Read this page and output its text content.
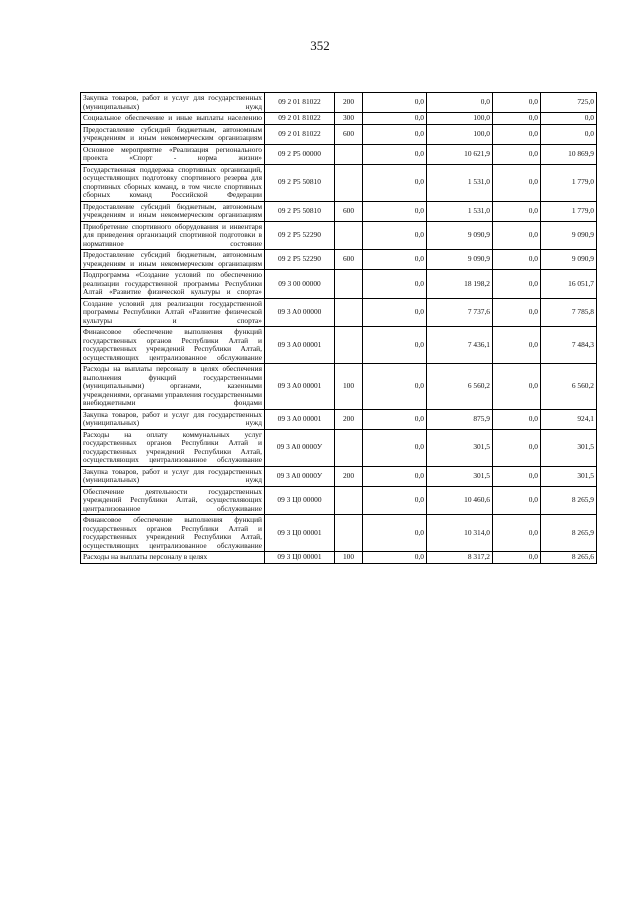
352
Закупка товаров, работ и услуг для государственных (муниципальных) нужд	09 2 01 81022	200	0,0	0,0	0,0	725,0
Социальное обеспечение и иные выплаты населению	09 2 01 81022	300	0,0	100,0	0,0	0,0
Предоставление субсидий бюджетным, автономным учреждениям и иным некоммерческим организациям	09 2 01 81022	600	0,0	100,0	0,0	0,0
Основное мероприятие «Реализация регионального проекта «Спорт - норма жизни»	09 2 P5 00000		0,0	10 621,9	0,0	10 869,9
Государственная поддержка спортивных организаций, осуществляющих подготовку спортивного резерва для спортивных сборных команд, в том числе спортивных сборных команд Российской Федерации	09 2 P5 50810		0,0	1 531,0	0,0	1 779,0
Предоставление субсидий бюджетным, автономным учреждениям и иным некоммерческим организациям	09 2 P5 50810	600	0,0	1 531,0	0,0	1 779,0
Приобретение спортивного оборудования и инвентаря для приведения организаций спортивной подготовки в нормативное состояние	09 2 P5 52290		0,0	9 090,9	0,0	9 090,9
Предоставление субсидий бюджетным, автономным учреждениям и иным некоммерческим организациям	09 2 P5 52290	600	0,0	9 090,9	0,0	9 090,9
Подпрограмма «Создание условий по обеспечению реализации государственной программы Республики Алтай «Развитие физической культуры и спорта»	09 3 00 00000		0,0	18 198,2	0,0	16 051,7
Создание условий для реализации государственной программы Республики Алтай «Развитие физической культуры и спорта»	09 3 A0 00000		0,0	7 737,6	0,0	7 785,8
Финансовое обеспечение выполнения функций государственных органов Республики Алтай и государственных учреждений Республики Алтай, осуществляющих централизованное обслуживание	09 3 A0 00001		0,0	7 436,1	0,0	7 484,3
Расходы на выплаты персоналу в целях обеспечения выполнения функций государственными (муниципальными) органами, казенными учреждениями, органами управления государственными внебюджетными фондами	09 3 A0 00001	100	0,0	6 560,2	0,0	6 560,2
Закупка товаров, работ и услуг для государственных (муниципальных) нужд	09 3 A0 00001	200	0,0	875,9	0,0	924,1
Расходы на оплату коммунальных услуг государственных органов Республики Алтай и государственных учреждений Республики Алтай, осуществляющих централизованное обслуживание	09 3 A0 0000У		0,0	301,5	0,0	301,5
Закупка товаров, работ и услуг для государственных (муниципальных) нужд	09 3 A0 0000У	200	0,0	301,5	0,0	301,5
Обеспечение деятельности государственных учреждений Республики Алтай, осуществляющих централизованное обслуживание	09 3 Ц0 00000		0,0	10 460,6	0,0	8 265,9
Финансовое обеспечение выполнения функций государственных органов Республики Алтай и государственных учреждений Республики Алтай, осуществляющих централизованное обслуживание	09 3 Ц0 00001		0,0	10 314,0	0,0	8 265,9
Расходы на выплаты персоналу в целях	09 3 Ц0 00001	100	0,0	8 317,2	0,0	8 265,6
